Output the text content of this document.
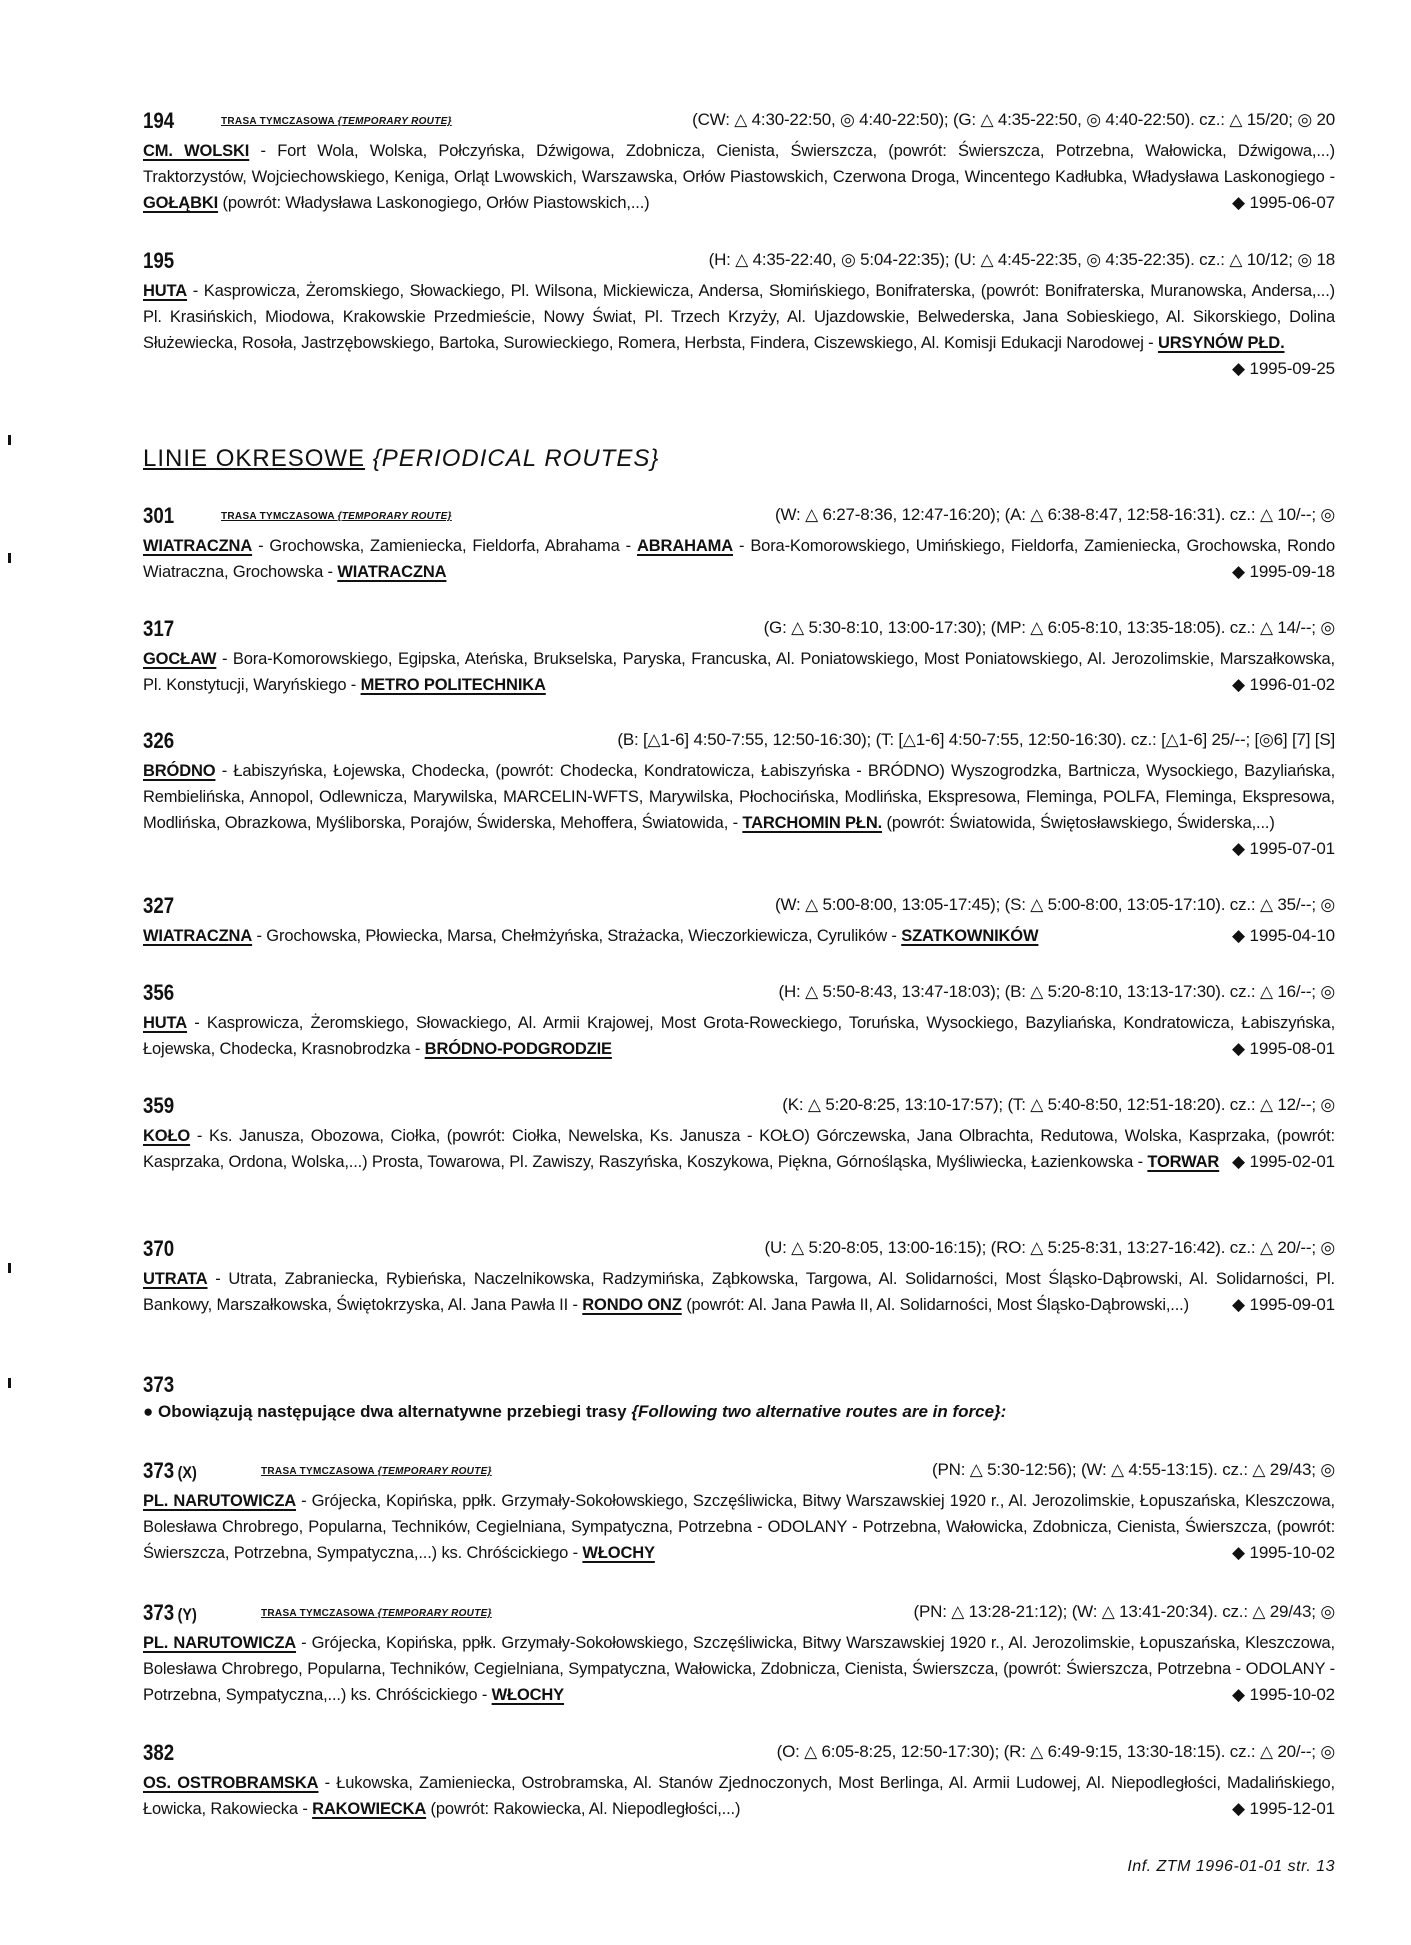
194	TRASA TYMCZASOWA {TEMPORARY ROUTE}	(CW: △ 4:30-22:50, ◎ 4:40-22:50); (G: △ 4:35-22:50, ◎ 4:40-22:50). cz.: △ 15/20; ◎ 20
CM. WOLSKI - Fort Wola, Wolska, Połczyńska, Dźwigowa, Zdobnicza, Cienista, Świerszcza, (powrót: Świerszcza, Potrzebna, Wałowicka, Dźwigowa,...) Traktorzystów, Wojciechowskiego, Keniga, Orląt Lwowskich, Warszawska, Orłów Piastowskich, Czerwona Droga, Wincentego Kadłubka, Władysława Laskonogiego - GOŁĄBKI (powrót: Władysława Laskonogiego, Orłów Piastowskich,...)	◆ 1995-06-07
195	(H: △ 4:35-22:40, ◎ 5:04-22:35); (U: △ 4:45-22:35, ◎ 4:35-22:35). cz.: △ 10/12; ◎ 18
HUTA - Kasprowicza, Żeromskiego, Słowackiego, Pl. Wilsona, Mickiewicza, Andersa, Słomińskiego, Bonifraterska, (powrót: Bonifraterska, Muranowska, Andersa,...) Pl. Krasińskich, Miodowa, Krakowskie Przedmieście, Nowy Świat, Pl. Trzech Krzyży, Al. Ujazdowskie, Belwederska, Jana Sobieskiego, Al. Sikorskiego, Dolina Służewiecka, Rosoła, Jastrzębowskiego, Bartoka, Surowieckiego, Romera, Herbsta, Findera, Ciszewskiego, Al. Komisji Edukacji Narodowej - URSYNÓW PŁD.
◆ 1995-09-25
301	TRASA TYMCZASOWA {TEMPORARY ROUTE}	(W: △ 6:27-8:36, 12:47-16:20); (A: △ 6:38-8:47, 12:58-16:31). cz.: △ 10/--; ◎
WIATRACZNA - Grochowska, Zamieniecka, Fieldorfa, Abrahama - ABRAHAMA - Bora-Komorowskiego, Umińskiego, Fieldorfa, Zamieniecka, Grochowska, Rondo Wiatraczna, Grochowska - WIATRACZNA	◆ 1995-09-18
317	(G: △ 5:30-8:10, 13:00-17:30); (MP: △ 6:05-8:10, 13:35-18:05). cz.: △ 14/--; ◎
GOCŁAW - Bora-Komorowskiego, Egipska, Ateńska, Brukselska, Paryska, Francuska, Al. Poniatowskiego, Most Poniatowskiego, Al. Jerozolimskie, Marszałkowska, Pl. Konstytucji, Waryńskiego - METRO POLITECHNIKA	◆ 1996-01-02
326	(B: [△1-6] 4:50-7:55, 12:50-16:30); (T: [△1-6] 4:50-7:55, 12:50-16:30). cz.: [△1-6] 25/--; [◎6] [7] [S]
BRÓDNO - Łabiszyńska, Łojewska, Chodecka, (powrót: Chodecka, Kondratowicza, Łabiszyńska - BRÓDNO) Wyszogrodzka, Bartnicza, Wysockiego, Bazyliańska, Rembielińska, Annopol, Odlewnicza, Marywilska, MARCELIN-WFTS, Marywilska, Płochocińska, Modlińska, Ekspresowa, Fleminga, POLFA, Fleminga, Ekspresowa, Modlińska, Obrazkowa, Myśliborska, Porajów, Świderska, Mehoffera, Światowida, - TARCHOMIN PŁN. (powrót: Światowida, Świętosławskiego, Świderska,...)
◆ 1995-07-01
327	(W: △ 5:00-8:00, 13:05-17:45); (S: △ 5:00-8:00, 13:05-17:10). cz.: △ 35/--; ◎
WIATRACZNA - Grochowska, Płowiecka, Marsa, Chełmżyńska, Strażacka, Wieczorkiewicza, Cyrulików - SZATKOWNIKÓW	◆ 1995-04-10
356	(H: △ 5:50-8:43, 13:47-18:03); (B: △ 5:20-8:10, 13:13-17:30). cz.: △ 16/--; ◎
HUTA - Kasprowicza, Żeromskiego, Słowackiego, Al. Armii Krajowej, Most Grota-Roweckiego, Toruńska, Wysockiego, Bazyliańska, Kondratowicza, Łabiszyńska, Łojewska, Chodecka, Krasnobrodzka - BRÓDNO-PODGRODZIE	◆ 1995-08-01
359	(K: △ 5:20-8:25, 13:10-17:57); (T: △ 5:40-8:50, 12:51-18:20). cz.: △ 12/--; ◎
KOŁO - Ks. Janusza, Obozowa, Ciołka, (powrót: Ciołka, Newelska, Ks. Janusza - KOŁO) Górczewska, Jana Olbrachta, Redutowa, Wolska, Kasprzaka, (powrót: Kasprzaka, Ordona, Wolska,...) Prosta, Towarowa, Pl. Zawiszy, Raszyńska, Koszykowa, Piękna, Górnośląska, Myśliwiecka, Łazienkowska - TORWAR ◆ 1995-02-01
370	(U: △ 5:20-8:05, 13:00-16:15); (RO: △ 5:25-8:31, 13:27-16:42). cz.: △ 20/--; ◎
UTRATA - Utrata, Zabraniecka, Rybieńska, Naczelnikowska, Radzymińska, Ząbkowska, Targowa, Al. Solidarności, Most Śląsko-Dąbrowski, Al. Solidarności, Pl. Bankowy, Marszałkowska, Świętokrzyska, Al. Jana Pawła II - RONDO ONZ (powrót: Al. Jana Pawła II, Al. Solidarności, Most Śląsko-Dąbrowski,...)	◆ 1995-09-01
373 (X)	TRASA TYMCZASOWA {TEMPORARY ROUTE}	(PN: △ 5:30-12:56); (W: △ 4:55-13:15). cz.: △ 29/43; ◎
PL. NARUTOWICZA - Grójecka, Kopińska, ppłk. Grzymały-Sokołowskiego, Szczęśliwicka, Bitwy Warszawskiej 1920 r., Al. Jerozolimskie, Łopuszańska, Kleszczowa, Bolesława Chrobrego, Popularna, Techników, Cegielniana, Sympatyczna, Potrzebna - ODOLANY - Potrzebna, Wałowicka, Zdobnicza, Cienista, Świerszcza, (powrót: Świerszcza, Potrzebna, Sympatyczna,...) ks. Chróścickiego - WŁOCHY	◆ 1995-10-02
373 (Y)	TRASA TYMCZASOWA {TEMPORARY ROUTE}	(PN: △ 13:28-21:12); (W: △ 13:41-20:34). cz.: △ 29/43; ◎
PL. NARUTOWICZA - Grójecka, Kopińska, ppłk. Grzymały-Sokołowskiego, Szczęśliwicka, Bitwy Warszawskiej 1920 r., Al. Jerozolimskie, Łopuszańska, Kleszczowa, Bolesława Chrobrego, Popularna, Techników, Cegielniana, Sympatyczna, Wałowicka, Zdobnicza, Cienista, Świerszcza, (powrót: Świerszcza, Potrzebna - ODOLANY - Potrzebna, Sympatyczna,...) ks. Chróścickiego - WŁOCHY	◆ 1995-10-02
382	(O: △ 6:05-8:25, 12:50-17:30); (R: △ 6:49-9:15, 13:30-18:15). cz.: △ 20/--; ◎
OS. OSTROBRAMSKA - Łukowska, Zamieniecka, Ostrobramska, Al. Stanów Zjednoczonych, Most Berlinga, Al. Armii Ludowej, Al. Niepodległości, Madalińskiego, Łowicka, Rakowiecka - RAKOWIECKA (powrót: Rakowiecka, Al. Niepodległości,...)	◆ 1995-12-01
LINIE OKRESOWE {PERIODICAL ROUTES}
373
● Obowiązują następujące dwa alternatywne przebiegi trasy {Following two alternative routes are in force}:
Inf. ZTM 1996-01-01 str. 13
